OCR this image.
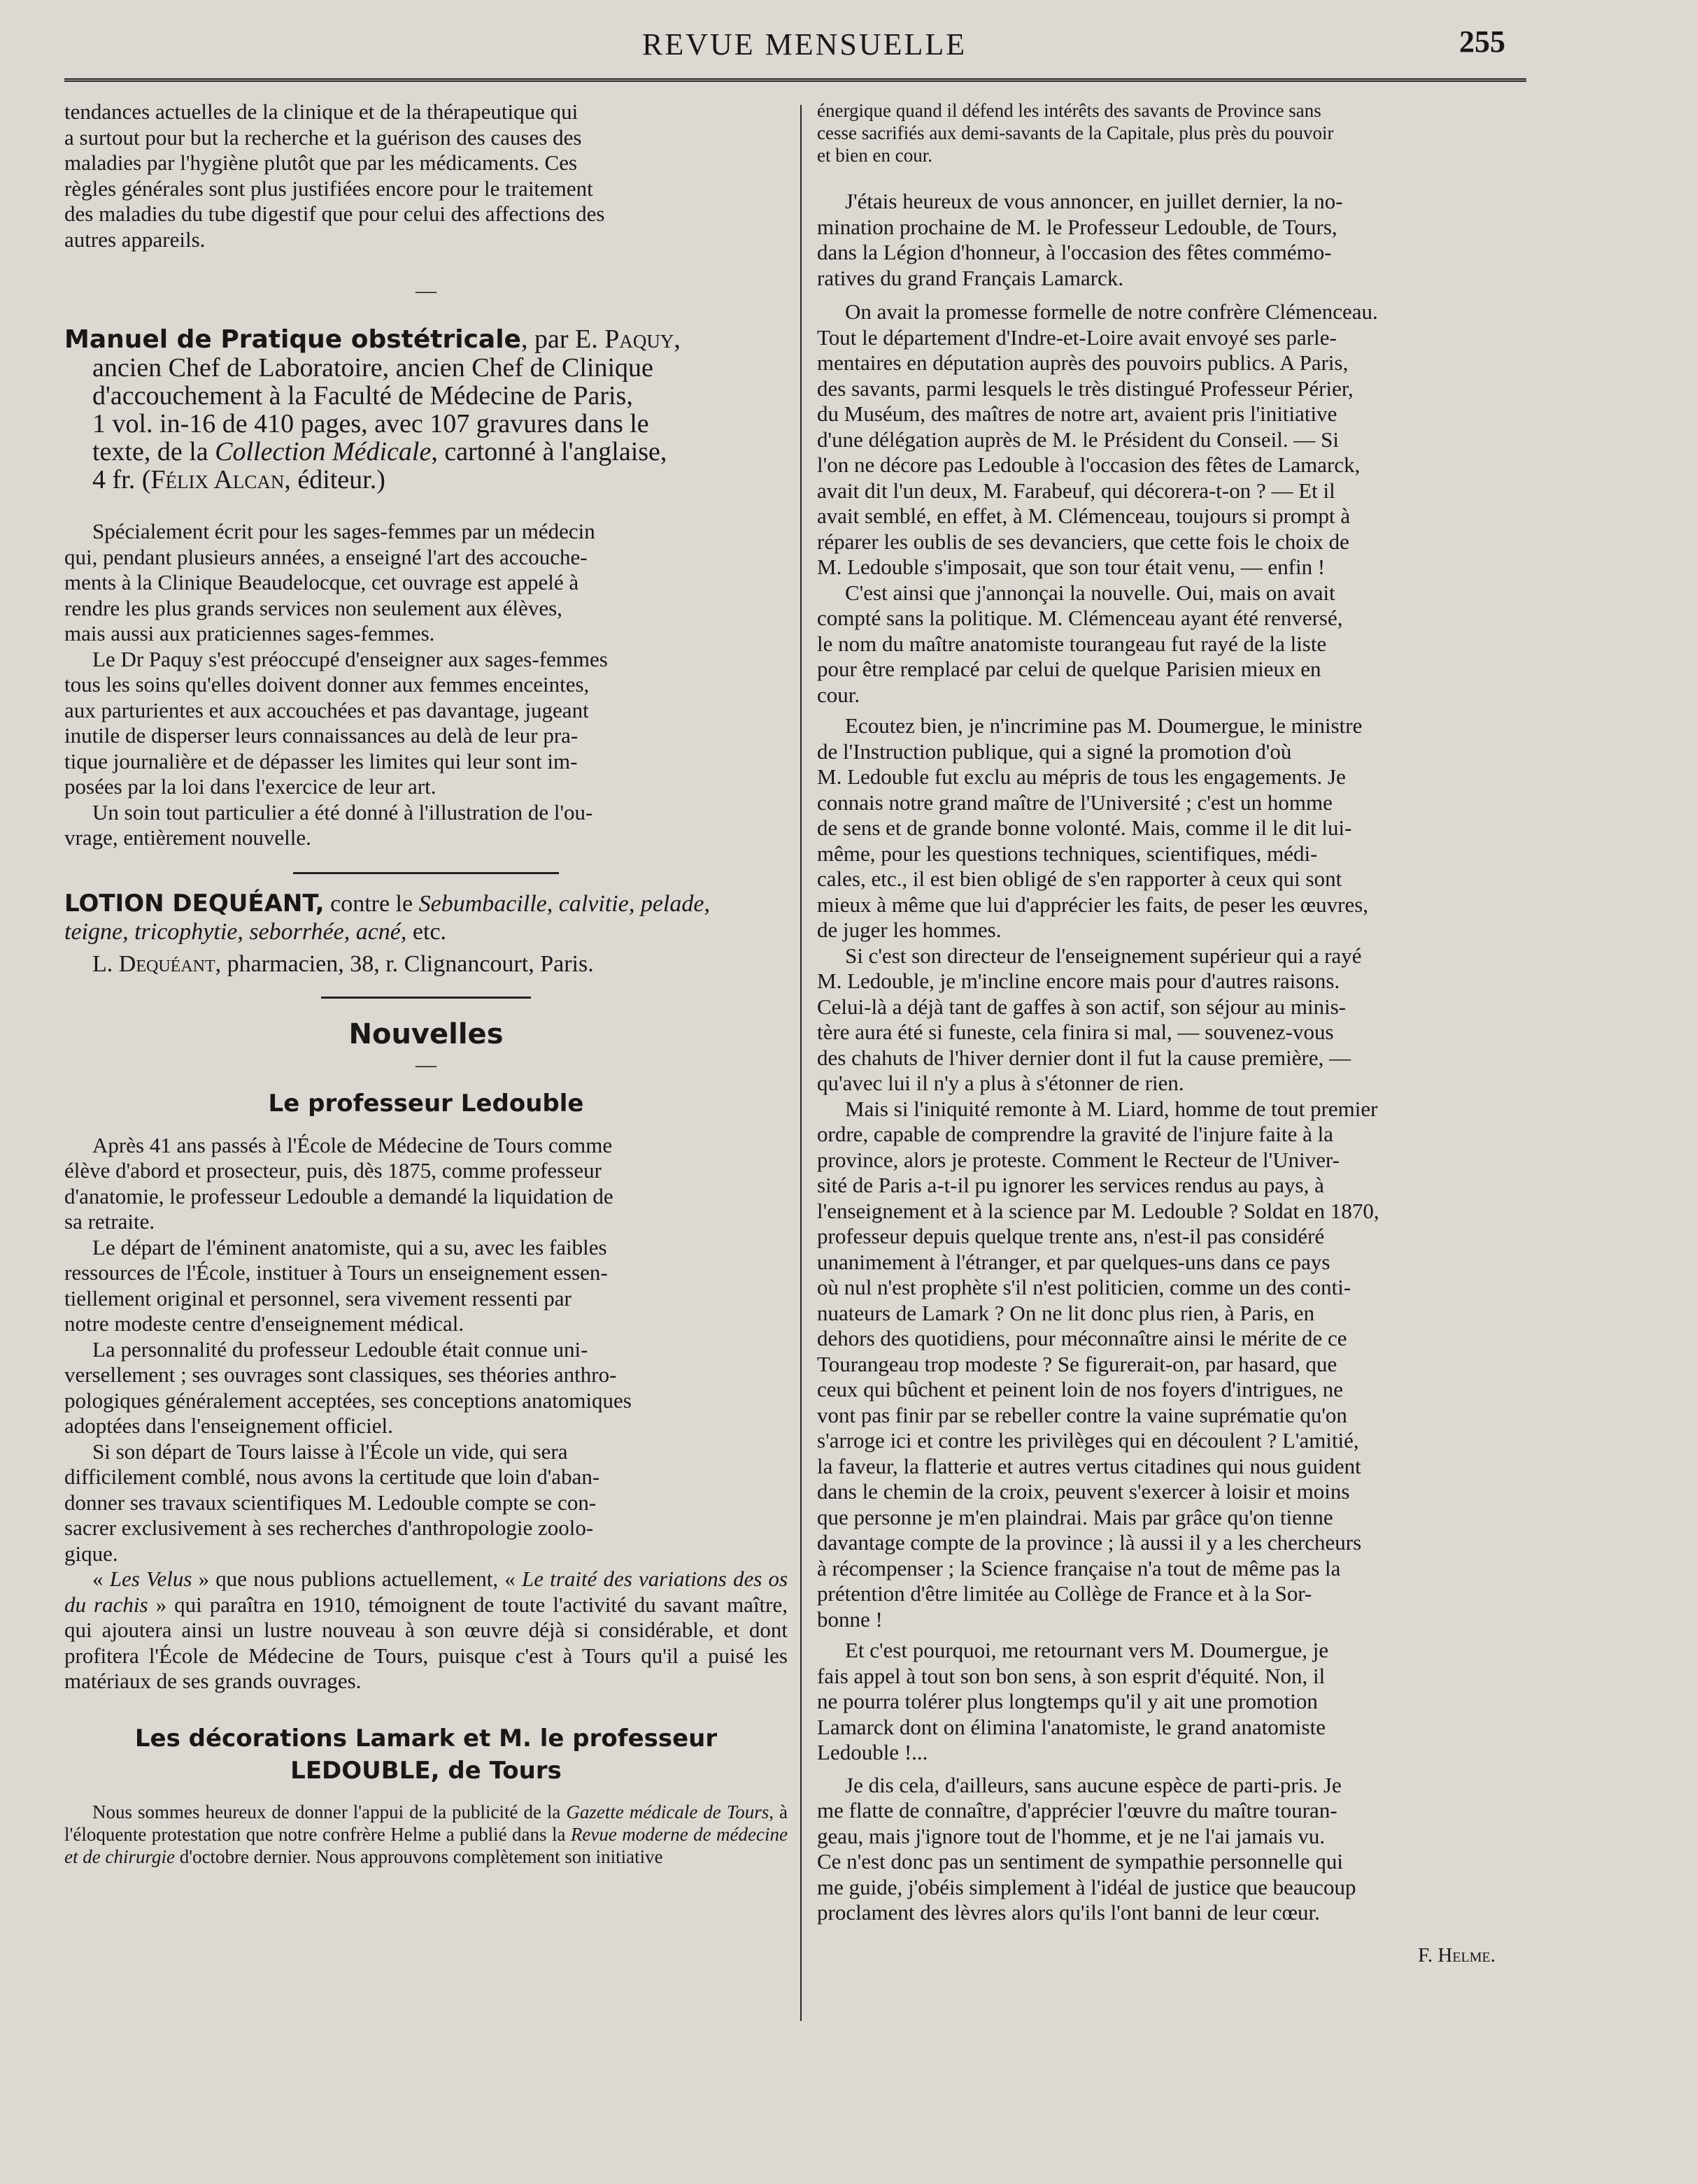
REVUE MENSUELLE	255
tendances actuelles de la clinique et de la thérapeutique qui
a surtout pour but la recherche et la guérison des causes des
maladies par l'hygiène plutôt que par les médicaments. Ces
règles générales sont plus justifiées encore pour le traitement
des maladies du tube digestif que pour celui des affections des
autres appareils.
—
Manuel de Pratique obstétricale, par E. Paquy,
ancien Chef de Laboratoire, ancien Chef de Clinique
d'accouchement à la Faculté de Médecine de Paris,
1 vol. in-16 de 410 pages, avec 107 gravures dans le
texte, de la Collection Médicale, cartonné à l'anglaise,
4 fr. (Félix Alcan, éditeur.)
Spécialement écrit pour les sages-femmes par un médecin
qui, pendant plusieurs années, a enseigné l'art des accouche-
ments à la Clinique Beaudelocque, cet ouvrage est appelé à
rendre les plus grands services non seulement aux élèves,
mais aussi aux praticiennes sages-femmes.
Le Dr Paquy s'est préoccupé d'enseigner aux sages-femmes
tous les soins qu'elles doivent donner aux femmes enceintes,
aux parturientes et aux accouchées et pas davantage, jugeant
inutile de disperser leurs connaissances au delà de leur pra-
tique journalière et de dépasser les limites qui leur sont im-
posées par la loi dans l'exercice de leur art.
Un soin tout particulier a été donné à l'illustration de l'ou-
vrage, entièrement nouvelle.
LOTION DEQUÉANT, contre le Sebumbacille, calvitie, pelade,
teigne, tricophytie, seborrhée, acné, etc.
L. Dequéant, pharmacien, 38, r. Clignancourt, Paris.
Nouvelles
—
Le professeur Ledouble
Après 41 ans passés à l'École de Médecine de Tours comme
élève d'abord et prosecteur, puis, dès 1875, comme professeur
d'anatomie, le professeur Ledouble a demandé la liquidation de
sa retraite.
Le départ de l'éminent anatomiste, qui a su, avec les faibles
ressources de l'École, instituer à Tours un enseignement essen-
tiellement original et personnel, sera vivement ressenti par
notre modeste centre d'enseignement médical.
La personnalité du professeur Ledouble était connue uni-
versellement ; ses ouvrages sont classiques, ses théories anthro-
pologiques généralement acceptées, ses conceptions anatomiques
adoptées dans l'enseignement officiel.
Si son départ de Tours laisse à l'École un vide, qui sera
difficilement comblé, nous avons la certitude que loin d'aban-
donner ses travaux scientifiques M. Ledouble compte se con-
sacrer exclusivement à ses recherches d'anthropologie zoolo-
gique.

« Les Velus » que nous publions actuellement, « Le traité des variations des os du rachis » qui paraîtra en 1910, témoignent de toute l'activité du savant maître, qui ajoutera ainsi un lustre nouveau à son œuvre déjà si considérable, et dont profitera l'École de Médecine de Tours, puisque c'est à Tours qu'il a puisé les matériaux de ses grands ouvrages.

Les décorations Lamark et M. le professeur
LEDOUBLE, de Tours

Nous sommes heureux de donner l'appui de la publicité de la Gazette médicale de Tours, à l'éloquente protestation que notre confrère Helme a publié dans la Revue moderne de médecine et de chirurgie d'octobre dernier. Nous approuvons complètement son initiative

énergique quand il défend les intérêts des savants de Province sans
cesse sacrifiés aux demi-savants de la Capitale, plus près du pouvoir
et bien en cour.
J'étais heureux de vous annoncer, en juillet dernier, la no-
mination prochaine de M. le Professeur Ledouble, de Tours,
dans la Légion d'honneur, à l'occasion des fêtes commémo-
ratives du grand Français Lamarck.
On avait la promesse formelle de notre confrère Clémenceau.
Tout le département d'Indre-et-Loire avait envoyé ses parle-
mentaires en députation auprès des pouvoirs publics. A Paris,
des savants, parmi lesquels le très distingué Professeur Périer,
du Muséum, des maîtres de notre art, avaient pris l'initiative
d'une délégation auprès de M. le Président du Conseil. — Si
l'on ne décore pas Ledouble à l'occasion des fêtes de Lamarck,
avait dit l'un deux, M. Farabeuf, qui décorera-t-on ? — Et il
avait semblé, en effet, à M. Clémenceau, toujours si prompt à
réparer les oublis de ses devanciers, que cette fois le choix de
M. Ledouble s'imposait, que son tour était venu, — enfin !
C'est ainsi que j'annonçai la nouvelle. Oui, mais on avait
compté sans la politique. M. Clémenceau ayant été renversé,
le nom du maître anatomiste tourangeau fut rayé de la liste
pour être remplacé par celui de quelque Parisien mieux en
cour.
Ecoutez bien, je n'incrimine pas M. Doumergue, le ministre
de l'Instruction publique, qui a signé la promotion d'où
M. Ledouble fut exclu au mépris de tous les engagements. Je
connais notre grand maître de l'Université ; c'est un homme
de sens et de grande bonne volonté. Mais, comme il le dit lui-
même, pour les questions techniques, scientifiques, médi-
cales, etc., il est bien obligé de s'en rapporter à ceux qui sont
mieux à même que lui d'apprécier les faits, de peser les œuvres,
de juger les hommes.
Si c'est son directeur de l'enseignement supérieur qui a rayé
M. Ledouble, je m'incline encore mais pour d'autres raisons.
Celui-là a déjà tant de gaffes à son actif, son séjour au minis-
tère aura été si funeste, cela finira si mal, — souvenez-vous
des chahuts de l'hiver dernier dont il fut la cause première, —
qu'avec lui il n'y a plus à s'étonner de rien.
Mais si l'iniquité remonte à M. Liard, homme de tout premier
ordre, capable de comprendre la gravité de l'injure faite à la
province, alors je proteste. Comment le Recteur de l'Univer-
sité de Paris a-t-il pu ignorer les services rendus au pays, à
l'enseignement et à la science par M. Ledouble ? Soldat en 1870,
professeur depuis quelque trente ans, n'est-il pas considéré
unanimement à l'étranger, et par quelques-uns dans ce pays
où nul n'est prophète s'il n'est politicien, comme un des conti-
nuateurs de Lamark ? On ne lit donc plus rien, à Paris, en
dehors des quotidiens, pour méconnaître ainsi le mérite de ce
Tourangeau trop modeste ? Se figurerait-on, par hasard, que
ceux qui bûchent et peinent loin de nos foyers d'intrigues, ne
vont pas finir par se rebeller contre la vaine suprématie qu'on
s'arroge ici et contre les privilèges qui en découlent ? L'amitié,
la faveur, la flatterie et autres vertus citadines qui nous guident
dans le chemin de la croix, peuvent s'exercer à loisir et moins
que personne je m'en plaindrai. Mais par grâce qu'on tienne
davantage compte de la province ; là aussi il y a les chercheurs
à récompenser ; la Science française n'a tout de même pas la
prétention d'être limitée au Collège de France et à la Sor-
bonne !
Et c'est pourquoi, me retournant vers M. Doumergue, je
fais appel à tout son bon sens, à son esprit d'équité. Non, il
ne pourra tolérer plus longtemps qu'il y ait une promotion
Lamarck dont on élimina l'anatomiste, le grand anatomiste
Ledouble !...
Je dis cela, d'ailleurs, sans aucune espèce de parti-pris. Je
me flatte de connaître, d'apprécier l'œuvre du maître touran-
geau, mais j'ignore tout de l'homme, et je ne l'ai jamais vu.
Ce n'est donc pas un sentiment de sympathie personnelle qui
me guide, j'obéis simplement à l'idéal de justice que beaucoup
proclament des lèvres alors qu'ils l'ont banni de leur cœur.
F. Helme.
